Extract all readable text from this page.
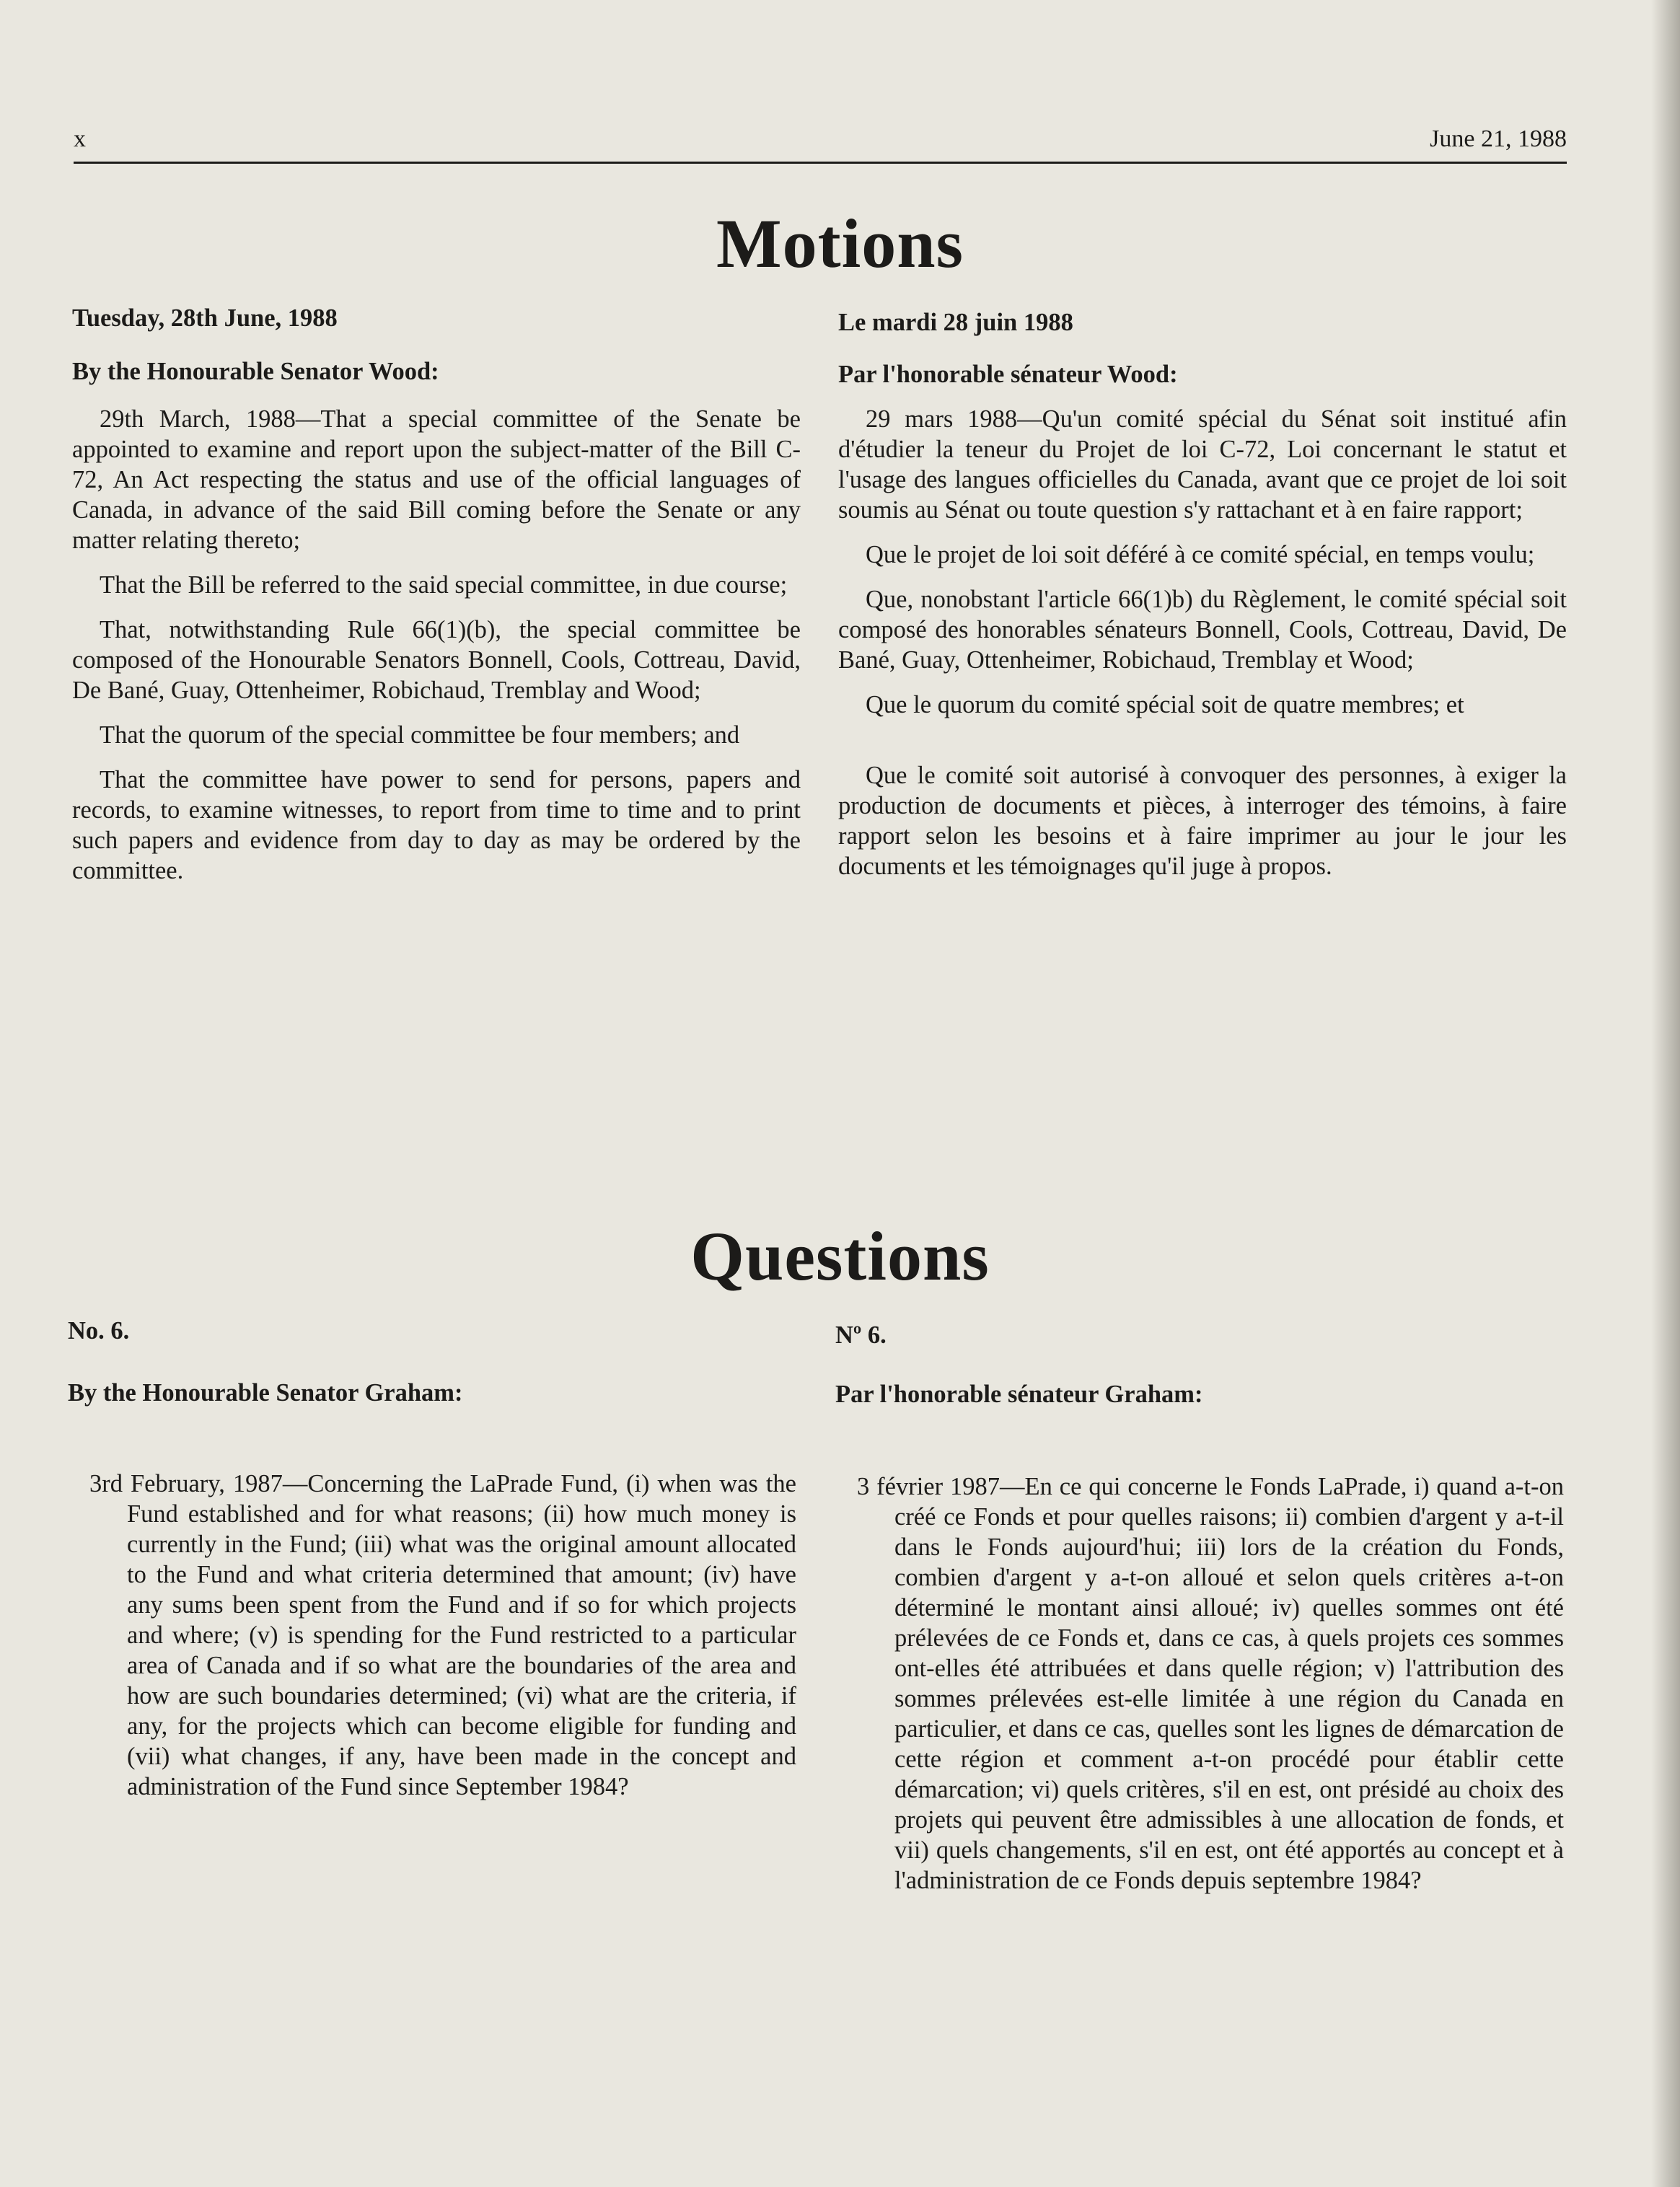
x	June 21, 1988
Motions
Tuesday, 28th June, 1988
By the Honourable Senator Wood:

29th March, 1988—That a special committee of the Senate be appointed to examine and report upon the subject-matter of the Bill C-72, An Act respecting the status and use of the official languages of Canada, in advance of the said Bill coming before the Senate or any matter relating thereto;

That the Bill be referred to the said special committee, in due course;

That, notwithstanding Rule 66(1)(b), the special committee be composed of the Honourable Senators Bonnell, Cools, Cottreau, David, De Bané, Guay, Ottenheimer, Robichaud, Tremblay and Wood;

That the quorum of the special committee be four members; and

That the committee have power to send for persons, papers and records, to examine witnesses, to report from time to time and to print such papers and evidence from day to day as may be ordered by the committee.

Le mardi 28 juin 1988
Par l'honorable sénateur Wood:

29 mars 1988—Qu'un comité spécial du Sénat soit institué afin d'étudier la teneur du Projet de loi C-72, Loi concernant le statut et l'usage des langues officielles du Canada, avant que ce projet de loi soit soumis au Sénat ou toute question s'y rattachant et à en faire rapport;

Que le projet de loi soit déféré à ce comité spécial, en temps voulu;

Que, nonobstant l'article 66(1)b) du Règlement, le comité spécial soit composé des honorables sénateurs Bonnell, Cools, Cottreau, David, De Bané, Guay, Ottenheimer, Robichaud, Tremblay et Wood;

Que le quorum du comité spécial soit de quatre membres; et

Que le comité soit autorisé à convoquer des personnes, à exiger la production de documents et pièces, à interroger des témoins, à faire rapport selon les besoins et à faire imprimer au jour le jour les documents et les témoignages qu'il juge à propos.

Questions
No. 6.
By the Honourable Senator Graham:

3rd February, 1987—Concerning the LaPrade Fund, (i) when was the Fund established and for what reasons; (ii) how much money is currently in the Fund; (iii) what was the original amount allocated to the Fund and what criteria determined that amount; (iv) have any sums been spent from the Fund and if so for which projects and where; (v) is spending for the Fund restricted to a particular area of Canada and if so what are the boundaries of the area and how are such boundaries determined; (vi) what are the criteria, if any, for the projects which can become eligible for funding and (vii) what changes, if any, have been made in the concept and administration of the Fund since September 1984?

Nº 6.
Par l'honorable sénateur Graham:

3 février 1987—En ce qui concerne le Fonds LaPrade, i) quand a-t-on créé ce Fonds et pour quelles raisons; ii) combien d'argent y a-t-il dans le Fonds aujourd'hui; iii) lors de la création du Fonds, combien d'argent y a-t-on alloué et selon quels critères a-t-on déterminé le montant ainsi alloué; iv) quelles sommes ont été prélevées de ce Fonds et, dans ce cas, à quels projets ces sommes ont-elles été attribuées et dans quelle région; v) l'attribution des sommes prélevées est-elle limitée à une région du Canada en particulier, et dans ce cas, quelles sont les lignes de démarcation de cette région et comment a-t-on procédé pour établir cette démarcation; vi) quels critères, s'il en est, ont présidé au choix des projets qui peuvent être admissibles à une allocation de fonds, et vii) quels changements, s'il en est, ont été apportés au concept et à l'administration de ce Fonds depuis septembre 1984?
